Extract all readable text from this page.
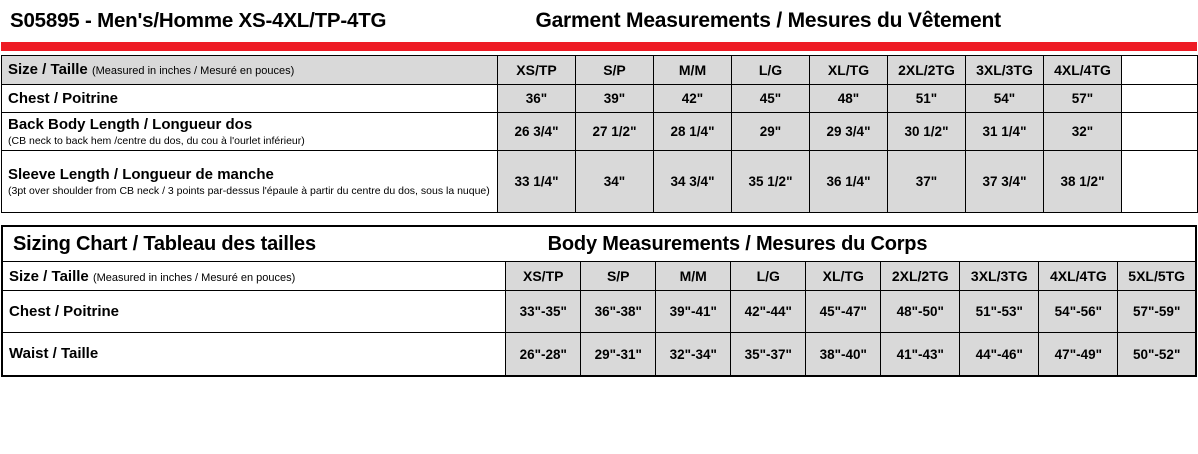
S05895 - Men's/Homme XS-4XL/TP-4TG	Garment Measurements / Mesures du Vêtement
Size / Taille (Measured in inches / Mesuré en pouces)	XS/TP	S/P	M/M	L/G	XL/TG	2XL/2TG	3XL/3TG	4XL/4TG	

Chest / Poitrine	36"	39"	42"	45"	48"	51"	54"	57"	

Back Body Length / Longueur dos
(CB neck to back hem /centre du dos, du cou à l'ourlet inférieur)	26 3/4"	27 1/2"	28 1/4"	29"	29 3/4"	30 1/2"	31 1/4"	32"	

Sleeve Length / Longueur de manche
(3pt over shoulder from CB neck / 3 points par-dessus l'épaule à partir du centre du dos, sous la nuque)	33 1/4"	34"	34 3/4"	35 1/2"	36 1/4"	37"	37 3/4"	38 1/2"	
Sizing Chart / Tableau des tailles	Body Measurements / Mesures du Corps
Size / Taille (Measured in inches / Mesuré en pouces)	XS/TP	S/P	M/M	L/G	XL/TG	2XL/2TG	3XL/3TG	4XL/4TG	5XL/5TG

Chest / Poitrine	33"-35"	36"-38"	39"-41"	42"-44"	45"-47"	48"-50"	51"-53"	54"-56"	57"-59"

Waist / Taille	26"-28"	29"-31"	32"-34"	35"-37"	38"-40"	41"-43"	44"-46"	47"-49"	50"-52"
